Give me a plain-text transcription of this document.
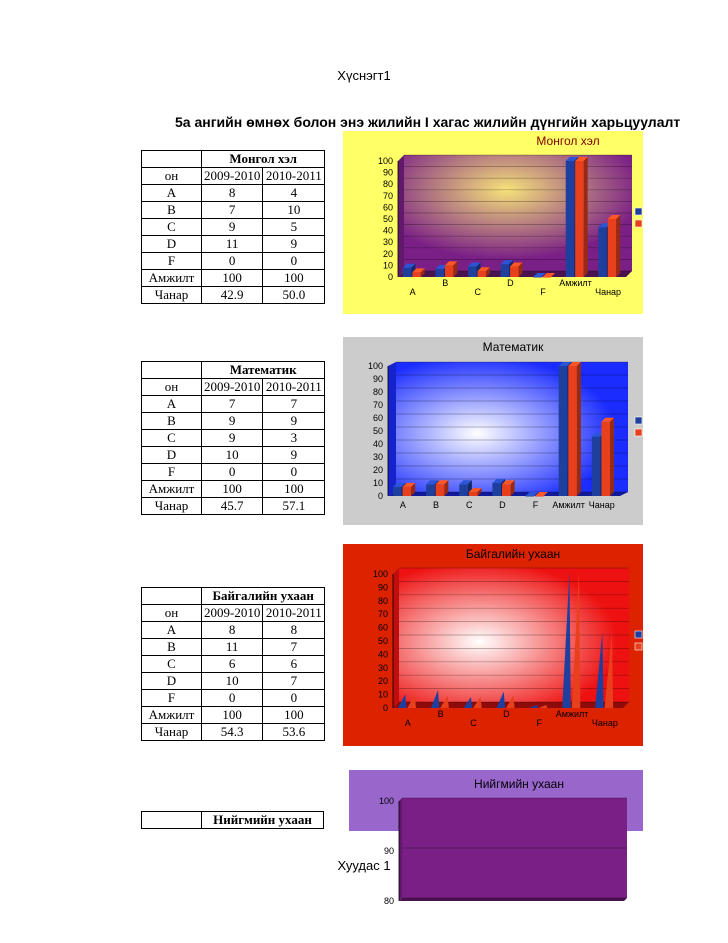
Хүснэгт1
5а ангийн өмнөх болон энэ жилийн I хагас жилийн дүнгийн харьцуулалт
	Монгол хэл	
он	2009-2010	2010-2011
А	8	4
В	7	10
С	9	5
D	11	9
F	0	0
Амжилт	100	100
Чанар	42.9	50.0
	Математик	
он	2009-2010	2010-2011
А	7	7
В	9	9
С	9	3
D	10	9
F	0	0
Амжилт	100	100
Чанар	45.7	57.1
	Байгалийн ухаан	
он	2009-2010	2010-2011
А	8	8
В	11	7
С	6	6
D	10	7
F	0	0
Амжилт	100	100
Чанар	54.3	53.6
	Нийгмийн ухаан
Монгол хэл
0
10
20
30
40
50
60
70
80
90
100
A
B
C
D
F
Амжилт
Чанар
Математик
0
10
20
30
40
50
60
70
80
90
100
A	B	C	D	F Амжилт Чанар
Байгалийн ухаан
0
10
20
30
40
50
60
70
80
90
100
A
B
C
D
F
Амжилт
Чанар
Нийгмийн ухаан
80
90
100
Хуудас 1
